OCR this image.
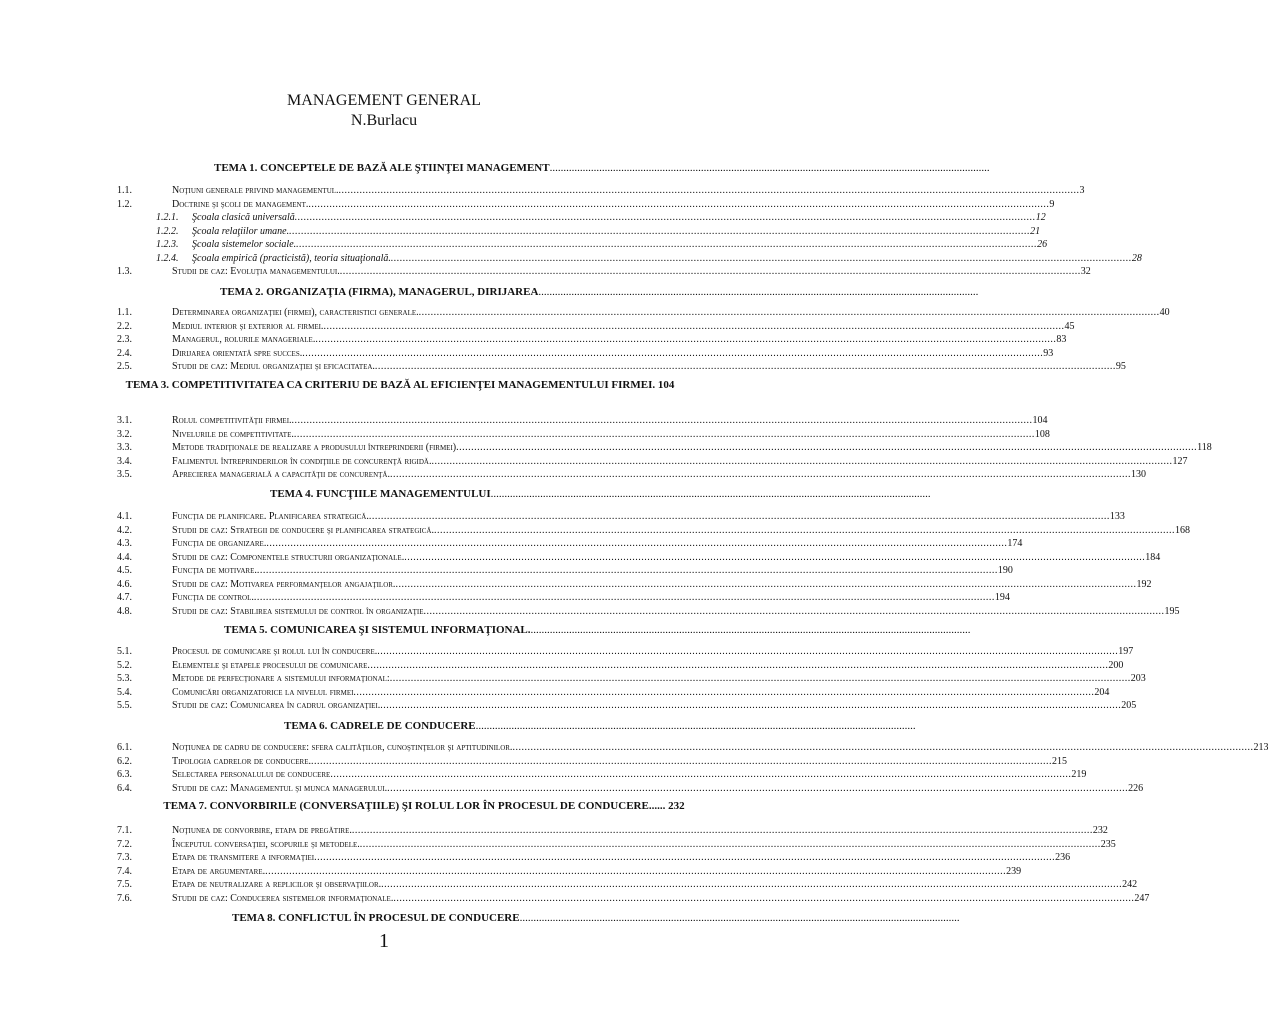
MANAGEMENT GENERAL
N.Burlacu
TEMA 1. CONCEPTELE DE BAZĂ ALE ŞTIINŢEI MANAGEMENT................................................................................................................................................................
1.1.	Noţiuni generale privind managementul. .....	3
1.2.	Doctrine şi şcoli de management. .....	9
1.2.1. Şcoala clasică universală .....	12
1.2.2. Şcoala relaţiilor umane. .....	21
1.2.3. Şcoala sistemelor sociale. .....	26
1.2.4. Şcoala empirică (practicistă), teoria situaţională. .....	28
1.3.	Studii de caz: Evoluţia managementului. .....	32
TEMA 2. ORGANIZAŢIA (FIRMA), MANAGERUL, DIRIJAREA................................................................................................................................................................
1.1.	Determinarea organizaţiei (firmei), caracteristici generale. .....	40
2.2.	Mediul interior şi exterior al firmei. .....	45
2.3.	Managerul, rolurile manageriale. .....	83
2.4.	Dirijarea orientată spre succes. .....	93
2.5.	Studii de caz: Mediul organizaţiei şi eficacitatea. .....	95
TEMA 3. COMPETITIVITATEA CA CRITERIU DE BAZĂ AL EFICIENŢEI MANAGEMENTULUI FIRMEI. 104
3.1.	Rolul competitivităţii firmei. .....	104
3.2.	Nivelurile de competitivitate. .....	108
3.3.	Metode tradiţionale de realizare a produsului întreprinderii (firmei) .....	118
3.4.	Falimentul întreprinderilor în condiţiile de concurenţă rigidă. .....	127
3.5.	Aprecierea managerială a capacităţii de concurenţă. .....	130
TEMA 4. FUNCŢIILE MANAGEMENTULUI................................................................................................................................................................
4.1.	Funcţia de planificare. Planificarea strategică. .....	133
4.2.	Studii de caz: Strategii de conducere şi planificarea strategică. .....	168
4.3.	Funcţia de organizare. .....	174
4.4.	Studii de caz: Componentele structurii organizaţionale. .....	184
4.5.	Funcţia de motivare. .....	190
4.6.	Studii de caz: Motivarea performanţelor angajaţilor. .....	192
4.7.	Funcţia de control. .....	194
4.8.	Studii de caz: Stabilirea sistemului de control în organizaţie .....	195
TEMA 5. COMUNICAREA ŞI SISTEMUL INFORMAŢIONAL.................................................................................................................................................................
5.1.	Procesul de comunicare şi rolul lui în conducere. .....	197
5.2.	Elementele şi etapele procesului de comunicare .....	200
5.3.	Metode de perfecţionare a sistemului informaţional: .....	203
5.4.	Comunicări organizatorice la nivelul firmei .....	204
5.5.	Studii de caz: Comunicarea în cadrul organizaţiei. .....	205
TEMA 6. CADRELE DE CONDUCERE................................................................................................................................................................
6.1.	Noţiunea de cadru de conducere: sfera calităţilor, cunoştinţelor şi aptitudinilor. .....	213
6.2.	Tipologia cadrelor de conducere. .....	215
6.3.	Selectarea personalului de conducere .....	219
6.4.	Studii de caz: Managementul şi munca managerului. .....	226
TEMA 7. CONVORBIRILE (CONVERSAŢIILE) ŞI ROLUL LOR ÎN PROCESUL DE CONDUCERE...... 232
7.1.	Noţiunea de convorbire, etapa de pregătire. .....	232
7.2.	Începutul conversaţiei, scopurile şi metodele. .....	235
7.3.	Etapa de transmitere a informaţiei .....	236
7.4.	Etapa de argumentare. .....	239
7.5.	Etapa de neutralizare a replicilor şi observaţiilor. .....	242
7.6.	Studii de caz: Conducerea sistemelor informaţionale. .....	247
TEMA 8. CONFLICTUL ÎN PROCESUL DE CONDUCERE................................................................................................................................................................
1
